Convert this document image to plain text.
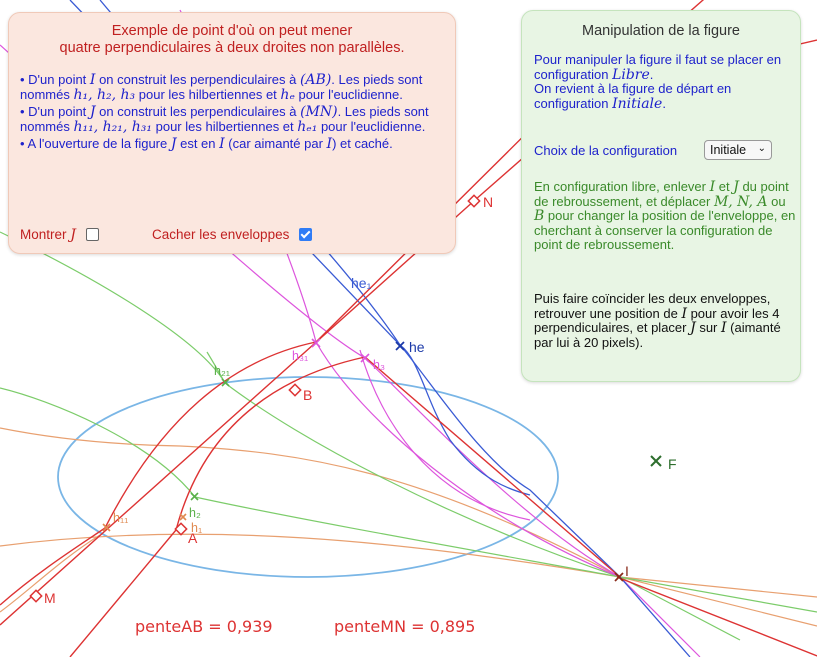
N
B
A
M
F
I
he
he₁
h₃₁
h₃
h₂₁
h₂
h₁₁
h₁
penteAB = 0,939	penteMN = 0,895
Exemple de point d'où on peut mener
quatre perpendiculaires à deux droites non parallèles.

• D'un point I on construit les perpendiculaires à (AB). Les pieds sont nommés h₁, h₂, h₃ pour les hilbertiennes et hₑ pour l'euclidienne.

• D'un point J on construit les perpendiculaires à (MN). Les pieds sont nommés h₁₁, h₂₁, h₃₁ pour les hilbertiennes et hₑ₁ pour l'euclidienne.

• A l'ouverture de la figure J est en I (car aimanté par I) et caché.

Montrer J	Cacher les enveloppes
Manipulation de la figure
Pour manipuler la figure il faut se placer en configuration Libre.
On revient à la figure de départ en configuration Initiale.
Choix de la configuration	Initiale ⌄
En configuration libre, enlever I et J du point de rebroussement, et déplacer M, N, A ou B pour changer la position de l'enveloppe, en cherchant à conserver la configuration de point de rebroussement.
Puis faire coïncider les deux enveloppes, retrouver une position de I pour avoir les 4 perpendiculaires, et placer J sur I (aimanté par lui à 20 pixels).
